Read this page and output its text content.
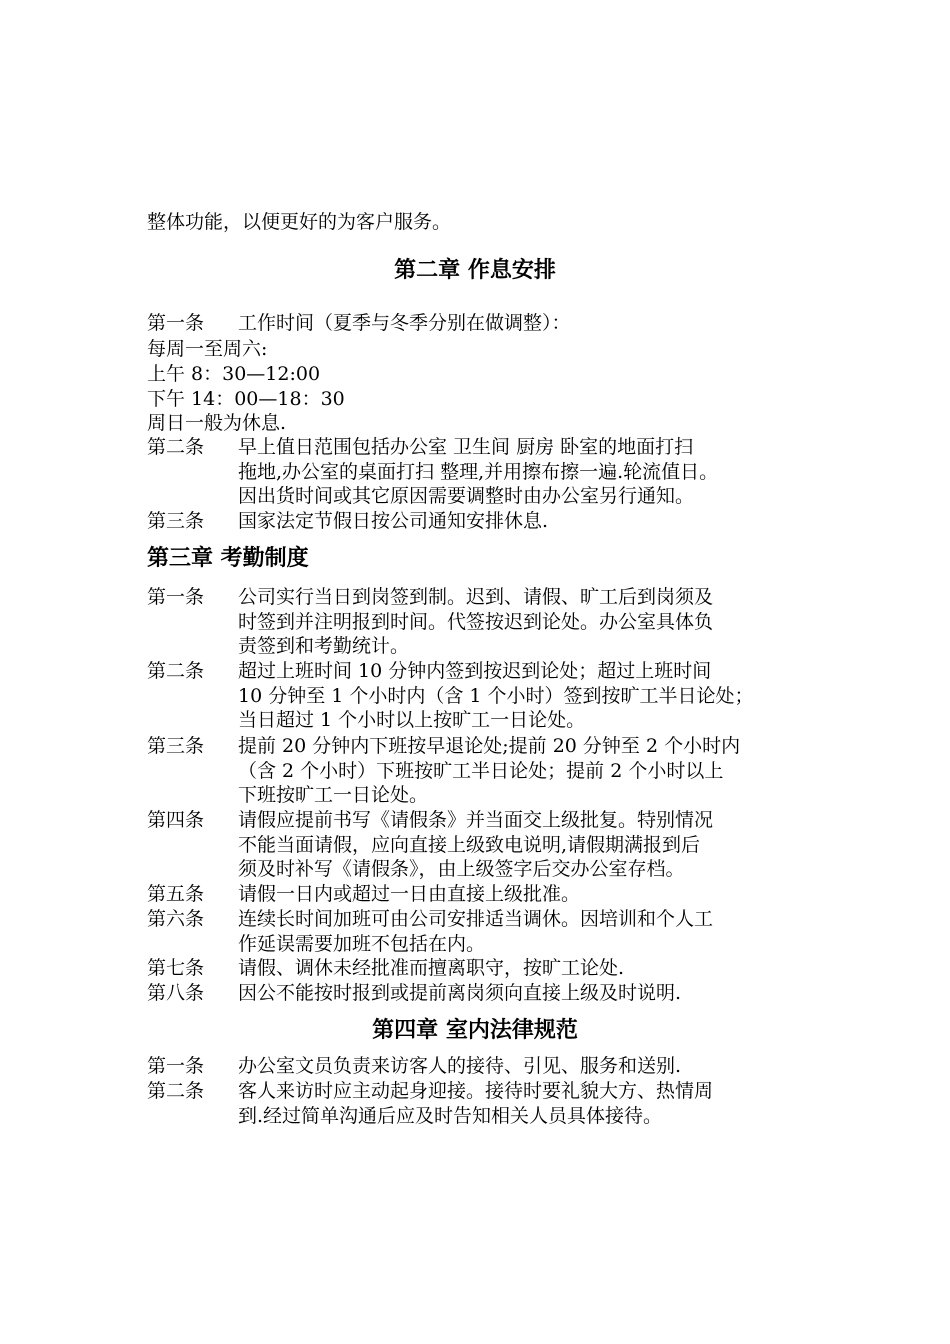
整体功能，以便更好的为客户服务。
第二章 作息安排
第一条 工作时间（夏季与冬季分别在做调整）：
每周一至周六:
上午 8：30—12:00
下午 14：00—18：30
周日一般为休息.
第二条 早上值日范围包括办公室 卫生间 厨房 卧室的地面打扫
拖地,办公室的桌面打扫 整理,并用擦布擦一遍.轮流值日。
因出货时间或其它原因需要调整时由办公室另行通知。
第三条 国家法定节假日按公司通知安排休息.
第三章 考勤制度
第一条 公司实行当日到岗签到制。迟到、请假、旷工后到岗须及
时签到并注明报到时间。代签按迟到论处。办公室具体负
责签到和考勤统计。
第二条 超过上班时间 10 分钟内签到按迟到论处；超过上班时间
10 分钟至 1 个小时内（含 1 个小时）签到按旷工半日论处；
当日超过 1 个小时以上按旷工一日论处。
第三条 提前 20 分钟内下班按早退论处;提前 20 分钟至 2 个小时内
（含 2 个小时）下班按旷工半日论处；提前 2 个小时以上
下班按旷工一日论处。
第四条 请假应提前书写《请假条》并当面交上级批复。特别情况
不能当面请假，应向直接上级致电说明,请假期满报到后
须及时补写《请假条》，由上级签字后交办公室存档。
第五条 请假一日内或超过一日由直接上级批准。
第六条 连续长时间加班可由公司安排适当调休。因培训和个人工
作延误需要加班不包括在内。
第七条 请假、调休未经批准而擅离职守，按旷工论处.
第八条 因公不能按时报到或提前离岗须向直接上级及时说明.
第四章 室内法律规范
第一条 办公室文员负责来访客人的接待、引见、服务和送别.
第二条 客人来访时应主动起身迎接。接待时要礼貌大方、热情周
到.经过简单沟通后应及时告知相关人员具体接待。
